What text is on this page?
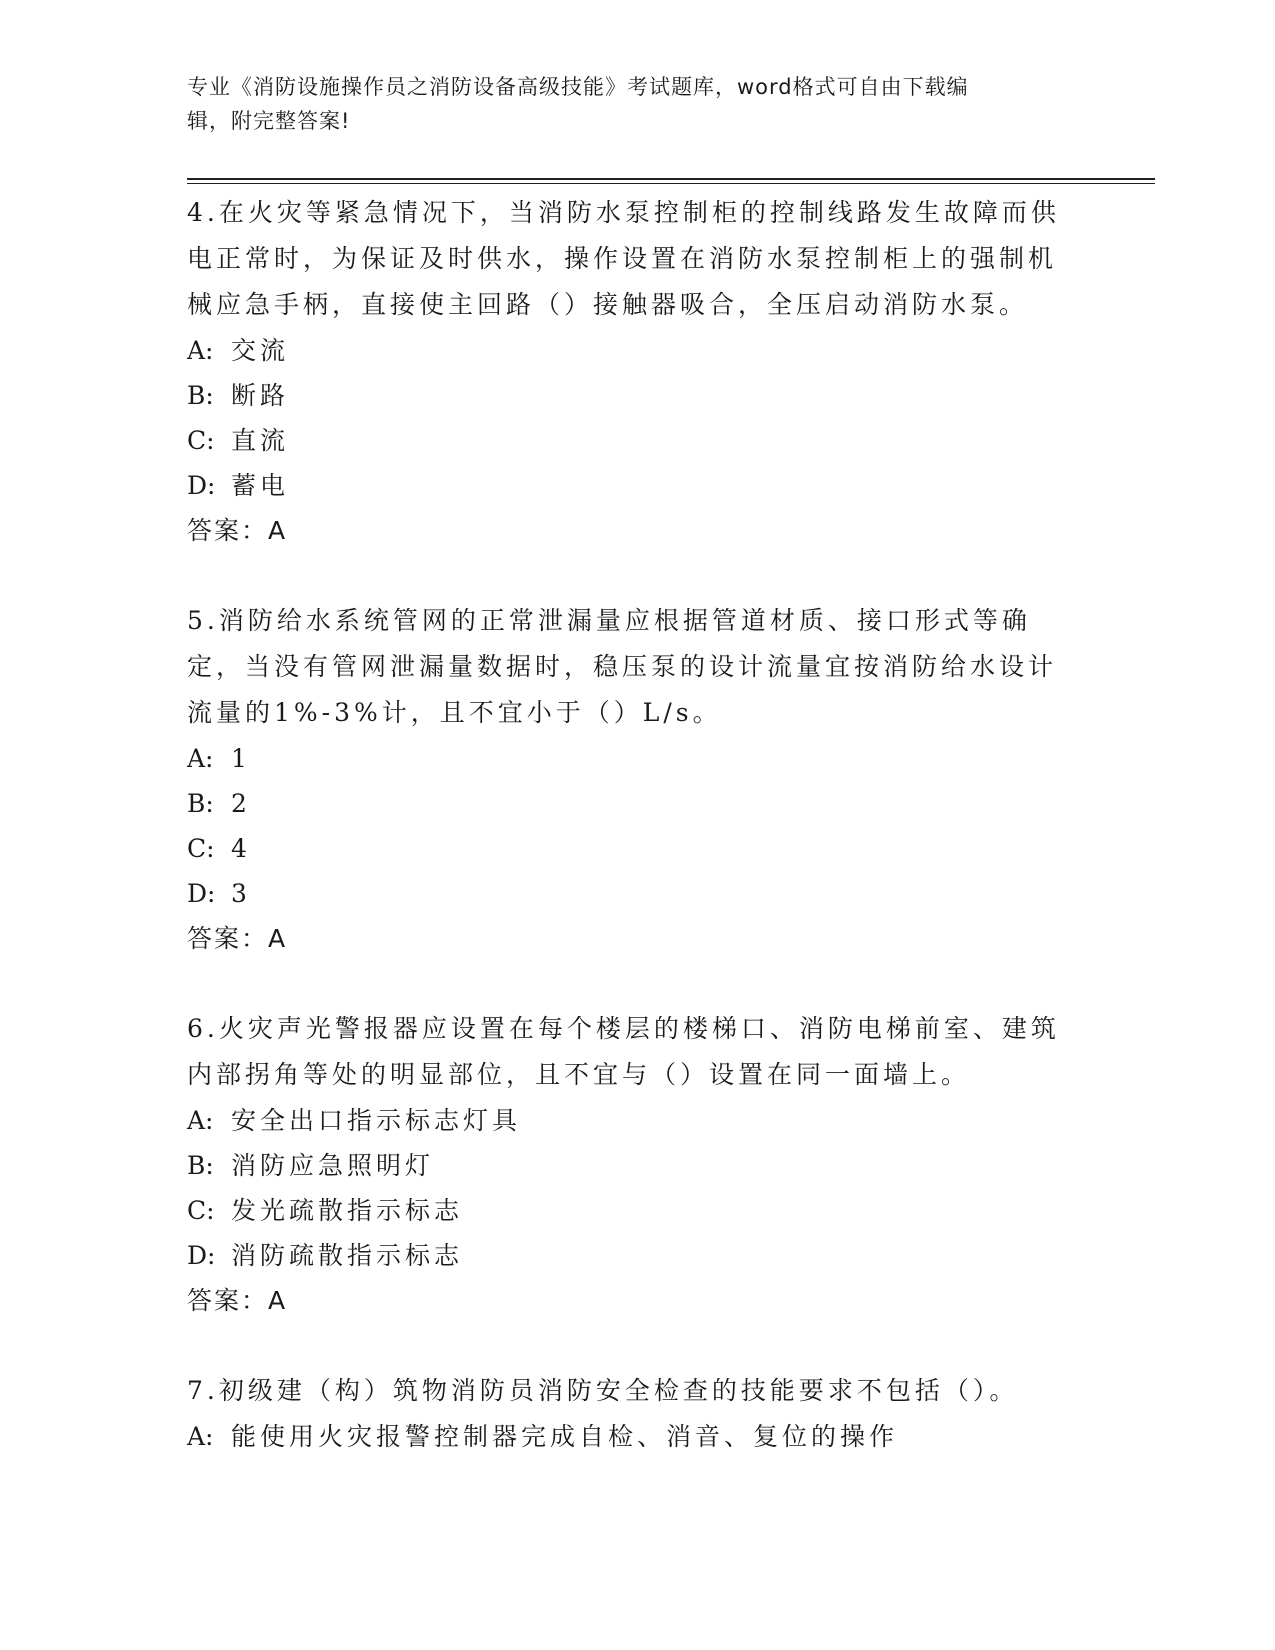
专业《消防设施操作员之消防设备高级技能》考试题库，word格式可自由下载编
辑，附完整答案!
4.在火灾等紧急情况下，当消防水泵控制柜的控制线路发生故障而供电正常时，为保证及时供水，操作设置在消防水泵控制柜上的强制机械应急手柄，直接使主回路（）接触器吸合，全压启动消防水泵。
A: 交流
B: 断路
C: 直流
D: 蓄电
答案：A
5.消防给水系统管网的正常泄漏量应根据管道材质、接口形式等确定，当没有管网泄漏量数据时，稳压泵的设计流量宜按消防给水设计流量的1%-3%计，且不宜小于（）L/s。
A: 1
B: 2
C: 4
D: 3
答案：A
6.火灾声光警报器应设置在每个楼层的楼梯口、消防电梯前室、建筑内部拐角等处的明显部位，且不宜与（）设置在同一面墙上。
A: 安全出口指示标志灯具
B: 消防应急照明灯
C: 发光疏散指示标志
D: 消防疏散指示标志
答案：A
7.初级建（构）筑物消防员消防安全检查的技能要求不包括（）。
A: 能使用火灾报警控制器完成自检、消音、复位的操作
